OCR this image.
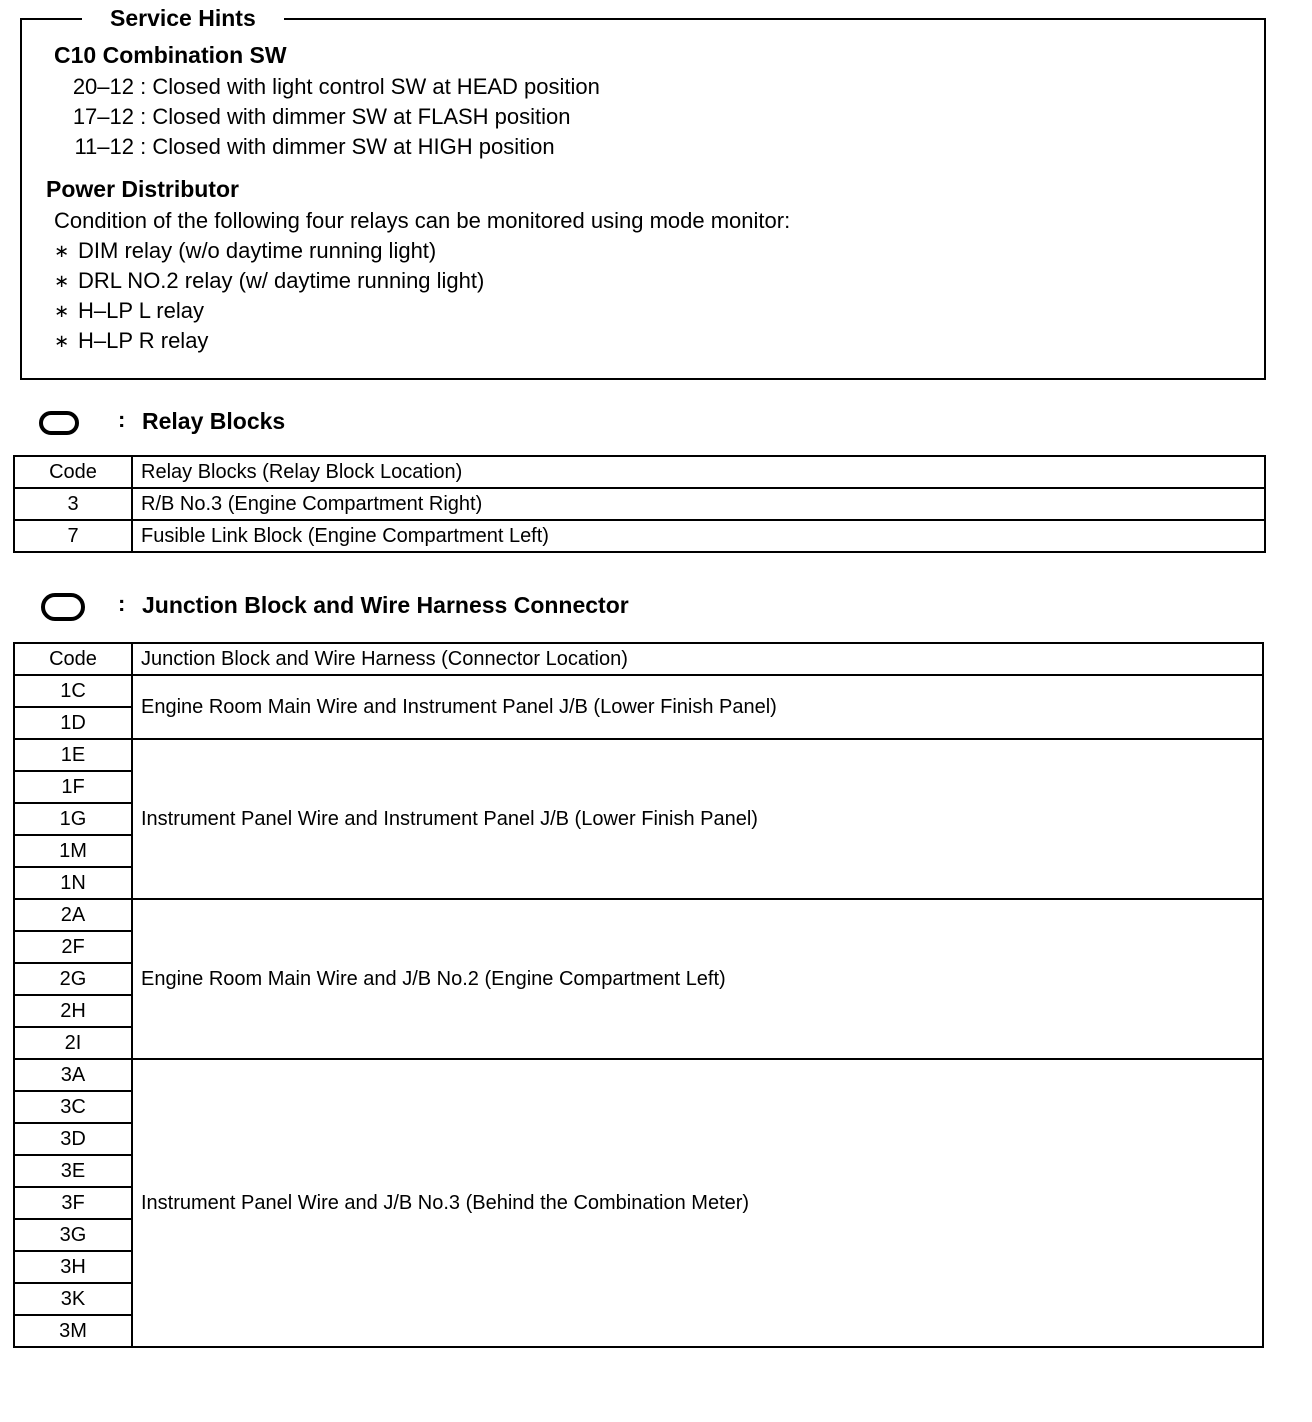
Service Hints
C10 Combination SW
20–12 : Closed with light control SW at HEAD position
17–12 : Closed with dimmer SW at FLASH position
11–12 : Closed with dimmer SW at HIGH position
Power Distributor
Condition of the following four relays can be monitored using mode monitor:
∗ DIM relay (w/o daytime running light)
∗ DRL NO.2 relay (w/ daytime running light)
∗ H–LP L relay
∗ H–LP R relay
: Relay Blocks
Code	Relay Blocks (Relay Block Location)
3	R/B No.3 (Engine Compartment Right)
7	Fusible Link Block (Engine Compartment Left)
: Junction Block and Wire Harness Connector
Code	Junction Block and Wire Harness (Connector Location)
1C	Engine Room Main Wire and Instrument Panel J/B (Lower Finish Panel)
1D	
1E	Instrument Panel Wire and Instrument Panel J/B (Lower Finish Panel)
1F	
1G	
1M	
1N	
2A	Engine Room Main Wire and J/B No.2 (Engine Compartment Left)
2F	
2G	
2H	
2I	
3A	Instrument Panel Wire and J/B No.3 (Behind the Combination Meter)
3C	
3D	
3E	
3F	
3G	
3H	
3K	
3M	
